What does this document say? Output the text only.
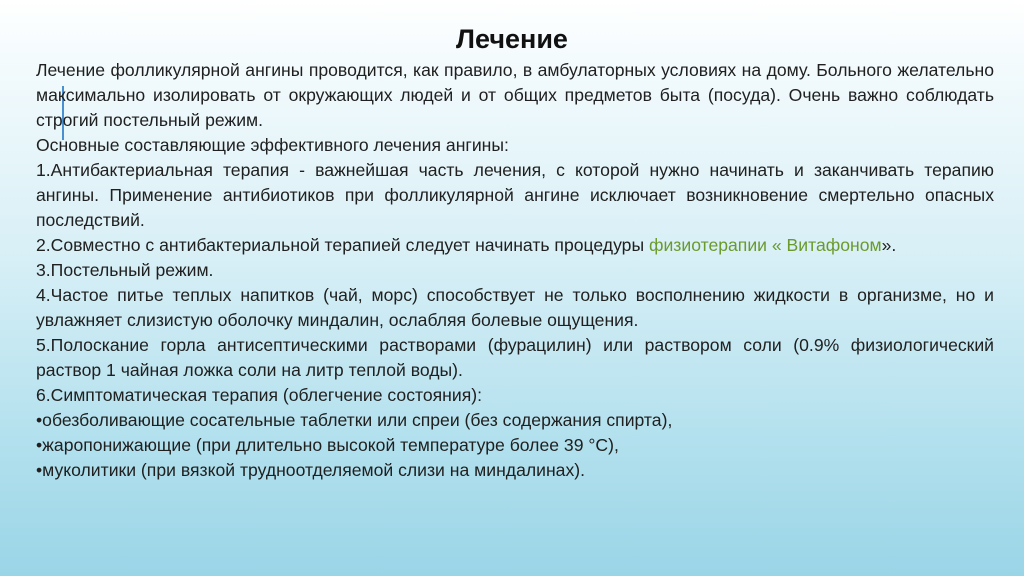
Лечение

Лечение фолликулярной ангины проводится, как правило, в амбулаторных условиях на дому. Больного желательно максимально изолировать от окружающих людей и от общих предметов быта (посуда). Очень важно соблюдать строгий постельный режим.

Основные составляющие эффективного лечения ангины:

1.Антибактериальная терапия - важнейшая часть лечения, с которой нужно начинать и заканчивать терапию ангины. Применение антибиотиков при фолликулярной ангине исключает возникновение смертельно опасных последствий.

2.Совместно с антибактериальной терапией следует начинать процедуры физиотерапии « Витафоном».

3.Постельный режим.

4.Частое питье теплых напитков (чай, морс) способствует не только восполнению жидкости в организме, но и увлажняет слизистую оболочку миндалин, ослабляя болевые ощущения.

5.Полоскание горла антисептическими растворами (фурацилин) или раствором соли (0.9% физиологический раствор 1 чайная ложка соли на литр теплой воды).

6.Симптоматическая терапия (облегчение состояния):

•обезболивающие сосательные таблетки или спреи (без содержания спирта),

•жаропонижающие (при длительно высокой температуре более 39 °С),

•муколитики (при вязкой трудноотделяемой слизи на миндалинах).
